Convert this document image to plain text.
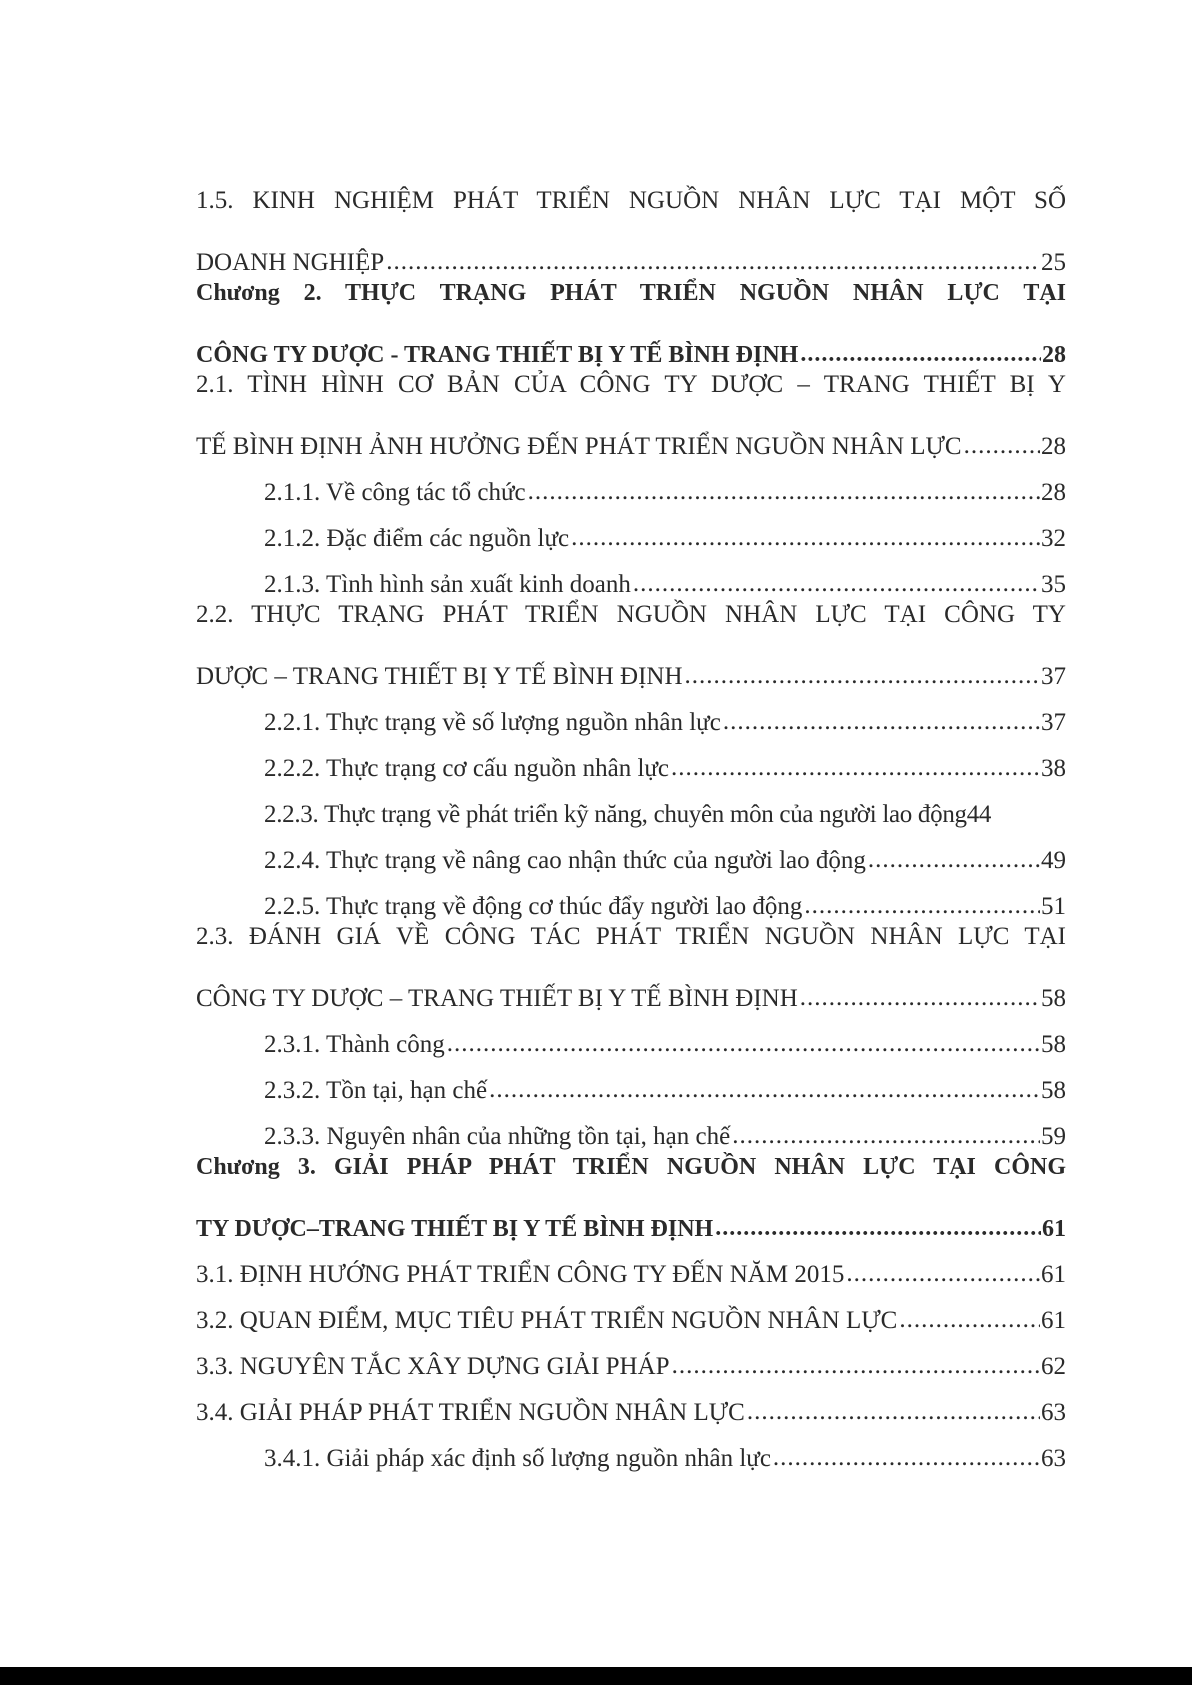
1.5. KINH NGHIỆM PHÁT TRIỂN NGUỒN NHÂN LỰC TẠI MỘT SỐ
DOANH NGHIỆP .....	25
Chương 2. THỰC TRẠNG PHÁT TRIỂN NGUỒN NHÂN LỰC TẠI
CÔNG TY DƯỢC - TRANG THIẾT BỊ Y TẾ BÌNH ĐỊNH .....	28
2.1. TÌNH HÌNH CƠ BẢN CỦA CÔNG TY DƯỢC – TRANG THIẾT BỊ Y
TẾ BÌNH ĐỊNH ẢNH HƯỞNG ĐẾN PHÁT TRIỂN NGUỒN NHÂN LỰC .....	28
2.1.1. Về công tác tổ chức .....	28
2.1.2. Đặc điểm các nguồn lực .....	32
2.1.3. Tình hình sản xuất kinh doanh .....	35
2.2. THỰC TRẠNG PHÁT TRIỂN NGUỒN NHÂN LỰC TẠI CÔNG TY
DƯỢC – TRANG THIẾT BỊ Y TẾ BÌNH ĐỊNH .....	37
2.2.1. Thực trạng về số lượng nguồn nhân lực .....	37
2.2.2. Thực trạng cơ cấu nguồn nhân lực .....	38
2.2.3. Thực trạng về phát triển kỹ năng, chuyên môn của người lao động 44
2.2.4. Thực trạng về nâng cao nhận thức của người lao động .....	49
2.2.5. Thực trạng về động cơ thúc đẩy người lao động .....	51
2.3. ĐÁNH GIÁ VỀ CÔNG TÁC PHÁT TRIỂN NGUỒN NHÂN LỰC TẠI
CÔNG TY DƯỢC – TRANG THIẾT BỊ Y TẾ BÌNH ĐỊNH .....	58
2.3.1. Thành công .....	58
2.3.2. Tồn tại, hạn chế .....	58
2.3.3. Nguyên nhân của những tồn tại, hạn chế .....	59
Chương 3. GIẢI PHÁP PHÁT TRIỂN NGUỒN NHÂN LỰC TẠI CÔNG
TY DƯỢC–TRANG THIẾT BỊ Y TẾ BÌNH ĐỊNH .....	61
3.1. ĐỊNH HƯỚNG PHÁT TRIỂN CÔNG TY ĐẾN NĂM 2015 .....	61
3.2. QUAN ĐIỂM, MỤC TIÊU PHÁT TRIỂN NGUỒN NHÂN LỰC .....	61
3.3. NGUYÊN TẮC XÂY DỰNG GIẢI PHÁP .....	62
3.4. GIẢI PHÁP PHÁT TRIỂN NGUỒN NHÂN LỰC .....	63
3.4.1. Giải pháp xác định số lượng nguồn nhân lực .....	63
